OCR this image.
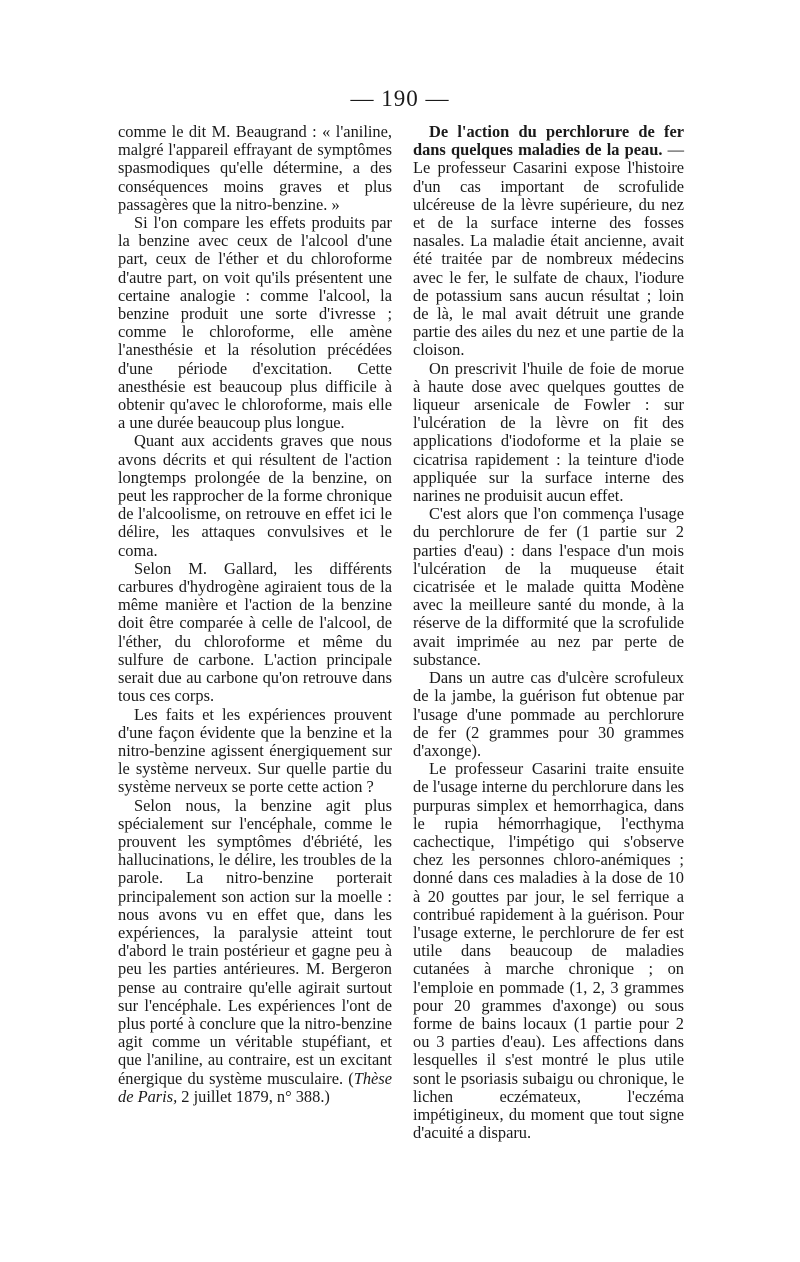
— 190 —

comme le dit M. Beaugrand : « l'aniline, malgré l'appareil effrayant de symptômes spasmodiques qu'elle détermine, a des conséquences moins graves et plus passagères que la nitro-benzine. »

Si l'on compare les effets produits par la benzine avec ceux de l'alcool d'une part, ceux de l'éther et du chloroforme d'autre part, on voit qu'ils présentent une certaine analogie : comme l'alcool, la benzine produit une sorte d'ivresse ; comme le chloroforme, elle amène l'anesthésie et la résolution précédées d'une période d'excitation. Cette anesthésie est beaucoup plus difficile à obtenir qu'avec le chloroforme, mais elle a une durée beaucoup plus longue.

Quant aux accidents graves que nous avons décrits et qui résultent de l'action longtemps prolongée de la benzine, on peut les rapprocher de la forme chronique de l'alcoolisme, on retrouve en effet ici le délire, les attaques convulsives et le coma.

Selon M. Gallard, les différents carbures d'hydrogène agiraient tous de la même manière et l'action de la benzine doit être comparée à celle de l'alcool, de l'éther, du chloroforme et même du sulfure de carbone. L'action principale serait due au carbone qu'on retrouve dans tous ces corps.

Les faits et les expériences prouvent d'une façon évidente que la benzine et la nitro-benzine agissent énergiquement sur le système nerveux. Sur quelle partie du système nerveux se porte cette action ?

Selon nous, la benzine agit plus spécialement sur l'encéphale, comme le prouvent les symptômes d'ébriété, les hallucinations, le délire, les troubles de la parole. La nitro-benzine porterait principalement son action sur la moelle : nous avons vu en effet que, dans les expériences, la paralysie atteint tout d'abord le train postérieur et gagne peu à peu les parties antérieures. M. Bergeron pense au contraire qu'elle agirait surtout sur l'encéphale. Les expériences l'ont de plus porté à conclure que la nitro-benzine agit comme un véritable stupéfiant, et que l'aniline, au contraire, est un excitant énergique du système musculaire. (Thèse de Paris, 2 juillet 1879, n° 388.)

De l'action du perchlorure de fer dans quelques maladies de la peau. — Le professeur Casarini expose l'histoire d'un cas important de scrofulide ulcéreuse de la lèvre supérieure, du nez et de la surface interne des fosses nasales. La maladie était ancienne, avait été traitée par de nombreux médecins avec le fer, le sulfate de chaux, l'iodure de potassium sans aucun résultat ; loin de là, le mal avait détruit une grande partie des ailes du nez et une partie de la cloison.

On prescrivit l'huile de foie de morue à haute dose avec quelques gouttes de liqueur arsenicale de Fowler : sur l'ulcération de la lèvre on fit des applications d'iodoforme et la plaie se cicatrisa rapidement : la teinture d'iode appliquée sur la surface interne des narines ne produisit aucun effet.

C'est alors que l'on commença l'usage du perchlorure de fer (1 partie sur 2 parties d'eau) : dans l'espace d'un mois l'ulcération de la muqueuse était cicatrisée et le malade quitta Modène avec la meilleure santé du monde, à la réserve de la difformité que la scrofulide avait imprimée au nez par perte de substance.

Dans un autre cas d'ulcère scrofuleux de la jambe, la guérison fut obtenue par l'usage d'une pommade au perchlorure de fer (2 grammes pour 30 grammes d'axonge).

Le professeur Casarini traite ensuite de l'usage interne du perchlorure dans les purpuras simplex et hemorrhagica, dans le rupia hémorrhagique, l'ecthyma cachectique, l'impétigo qui s'observe chez les personnes chloro-anémiques ; donné dans ces maladies à la dose de 10 à 20 gouttes par jour, le sel ferrique a contribué rapidement à la guérison. Pour l'usage externe, le perchlorure de fer est utile dans beaucoup de maladies cutanées à marche chronique ; on l'emploie en pommade (1, 2, 3 grammes pour 20 grammes d'axonge) ou sous forme de bains locaux (1 partie pour 2 ou 3 parties d'eau). Les affections dans lesquelles il s'est montré le plus utile sont le psoriasis subaigu ou chronique, le lichen eczémateux, l'eczéma impétigineux, du moment que tout signe d'acuité a disparu.
